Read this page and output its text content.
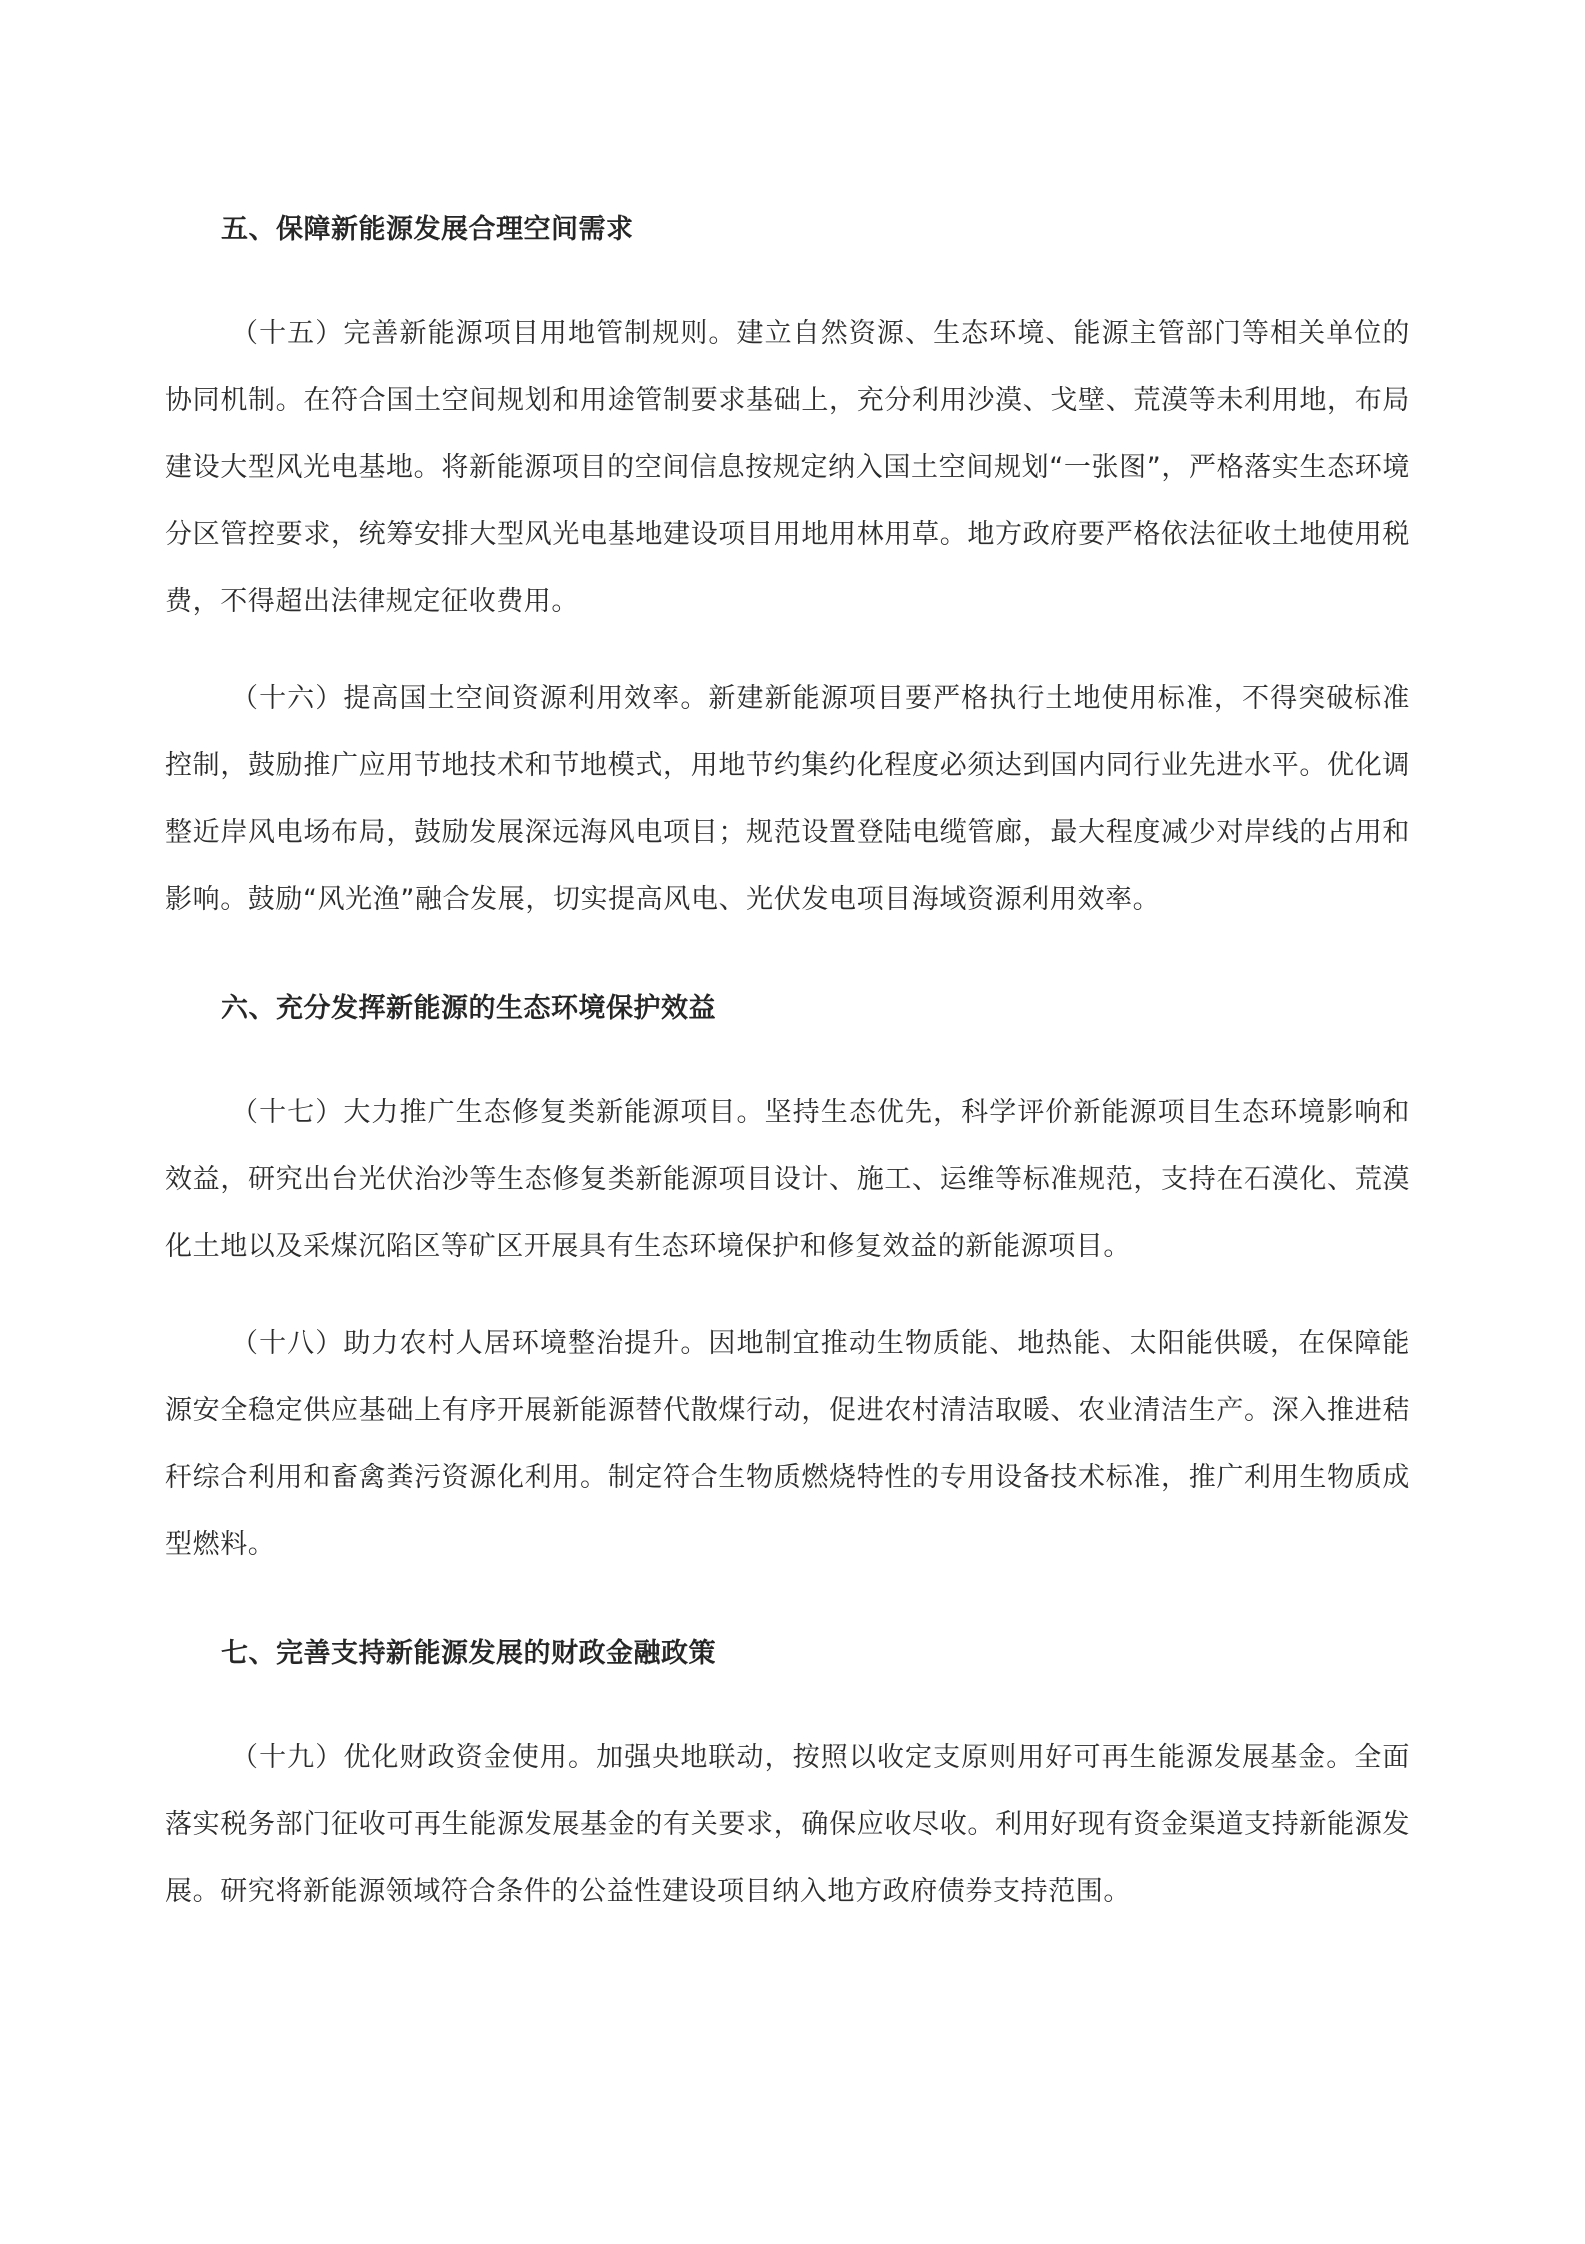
五、保障新能源发展合理空间需求

（十五）完善新能源项目用地管制规则。建立自然资源、生态环境、能源主管部门等相关单位的协同机制。在符合国土空间规划和用途管制要求基础上，充分利用沙漠、戈壁、荒漠等未利用地，布局建设大型风光电基地。将新能源项目的空间信息按规定纳入国土空间规划“一张图”，严格落实生态环境分区管控要求，统筹安排大型风光电基地建设项目用地用林用草。地方政府要严格依法征收土地使用税费，不得超出法律规定征收费用。

（十六）提高国土空间资源利用效率。新建新能源项目要严格执行土地使用标准，不得突破标准控制，鼓励推广应用节地技术和节地模式，用地节约集约化程度必须达到国内同行业先进水平。优化调整近岸风电场布局，鼓励发展深远海风电项目；规范设置登陆电缆管廊，最大程度减少对岸线的占用和影响。鼓励“风光渔”融合发展，切实提高风电、光伏发电项目海域资源利用效率。

六、充分发挥新能源的生态环境保护效益

（十七）大力推广生态修复类新能源项目。坚持生态优先，科学评价新能源项目生态环境影响和效益，研究出台光伏治沙等生态修复类新能源项目设计、施工、运维等标准规范，支持在石漠化、荒漠化土地以及采煤沉陷区等矿区开展具有生态环境保护和修复效益的新能源项目。

（十八）助力农村人居环境整治提升。因地制宜推动生物质能、地热能、太阳能供暖，在保障能源安全稳定供应基础上有序开展新能源替代散煤行动，促进农村清洁取暖、农业清洁生产。深入推进秸秆综合利用和畜禽粪污资源化利用。制定符合生物质燃烧特性的专用设备技术标准，推广利用生物质成型燃料。

七、完善支持新能源发展的财政金融政策

（十九）优化财政资金使用。加强央地联动，按照以收定支原则用好可再生能源发展基金。全面落实税务部门征收可再生能源发展基金的有关要求，确保应收尽收。利用好现有资金渠道支持新能源发展。研究将新能源领域符合条件的公益性建设项目纳入地方政府债券支持范围。
